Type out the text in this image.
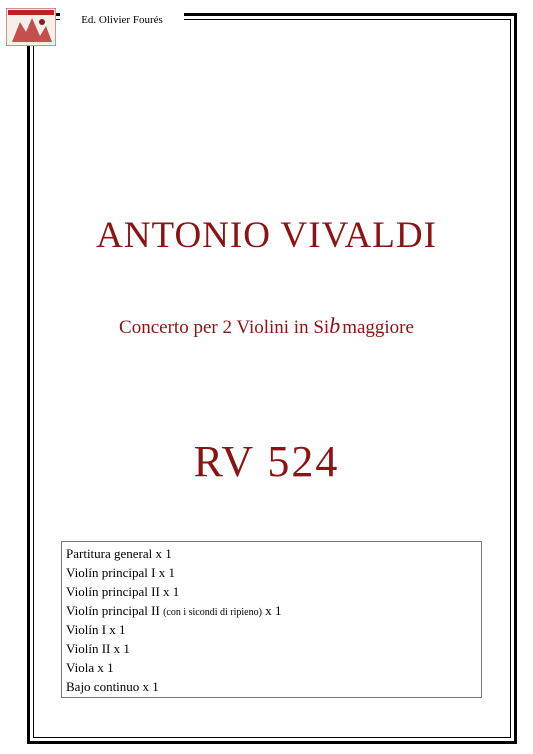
Ed. Olivier Fourés
ANTONIO VIVALDI
Concerto per 2 Violini in Sib maggiore
RV 524
Partitura general x 1
Violín principal I x 1
Violín principal II x 1
Violín principal II (con i sicondi di ripieno) x 1
Violín I x 1
Violín II x 1
Viola x 1
Bajo continuo x 1
